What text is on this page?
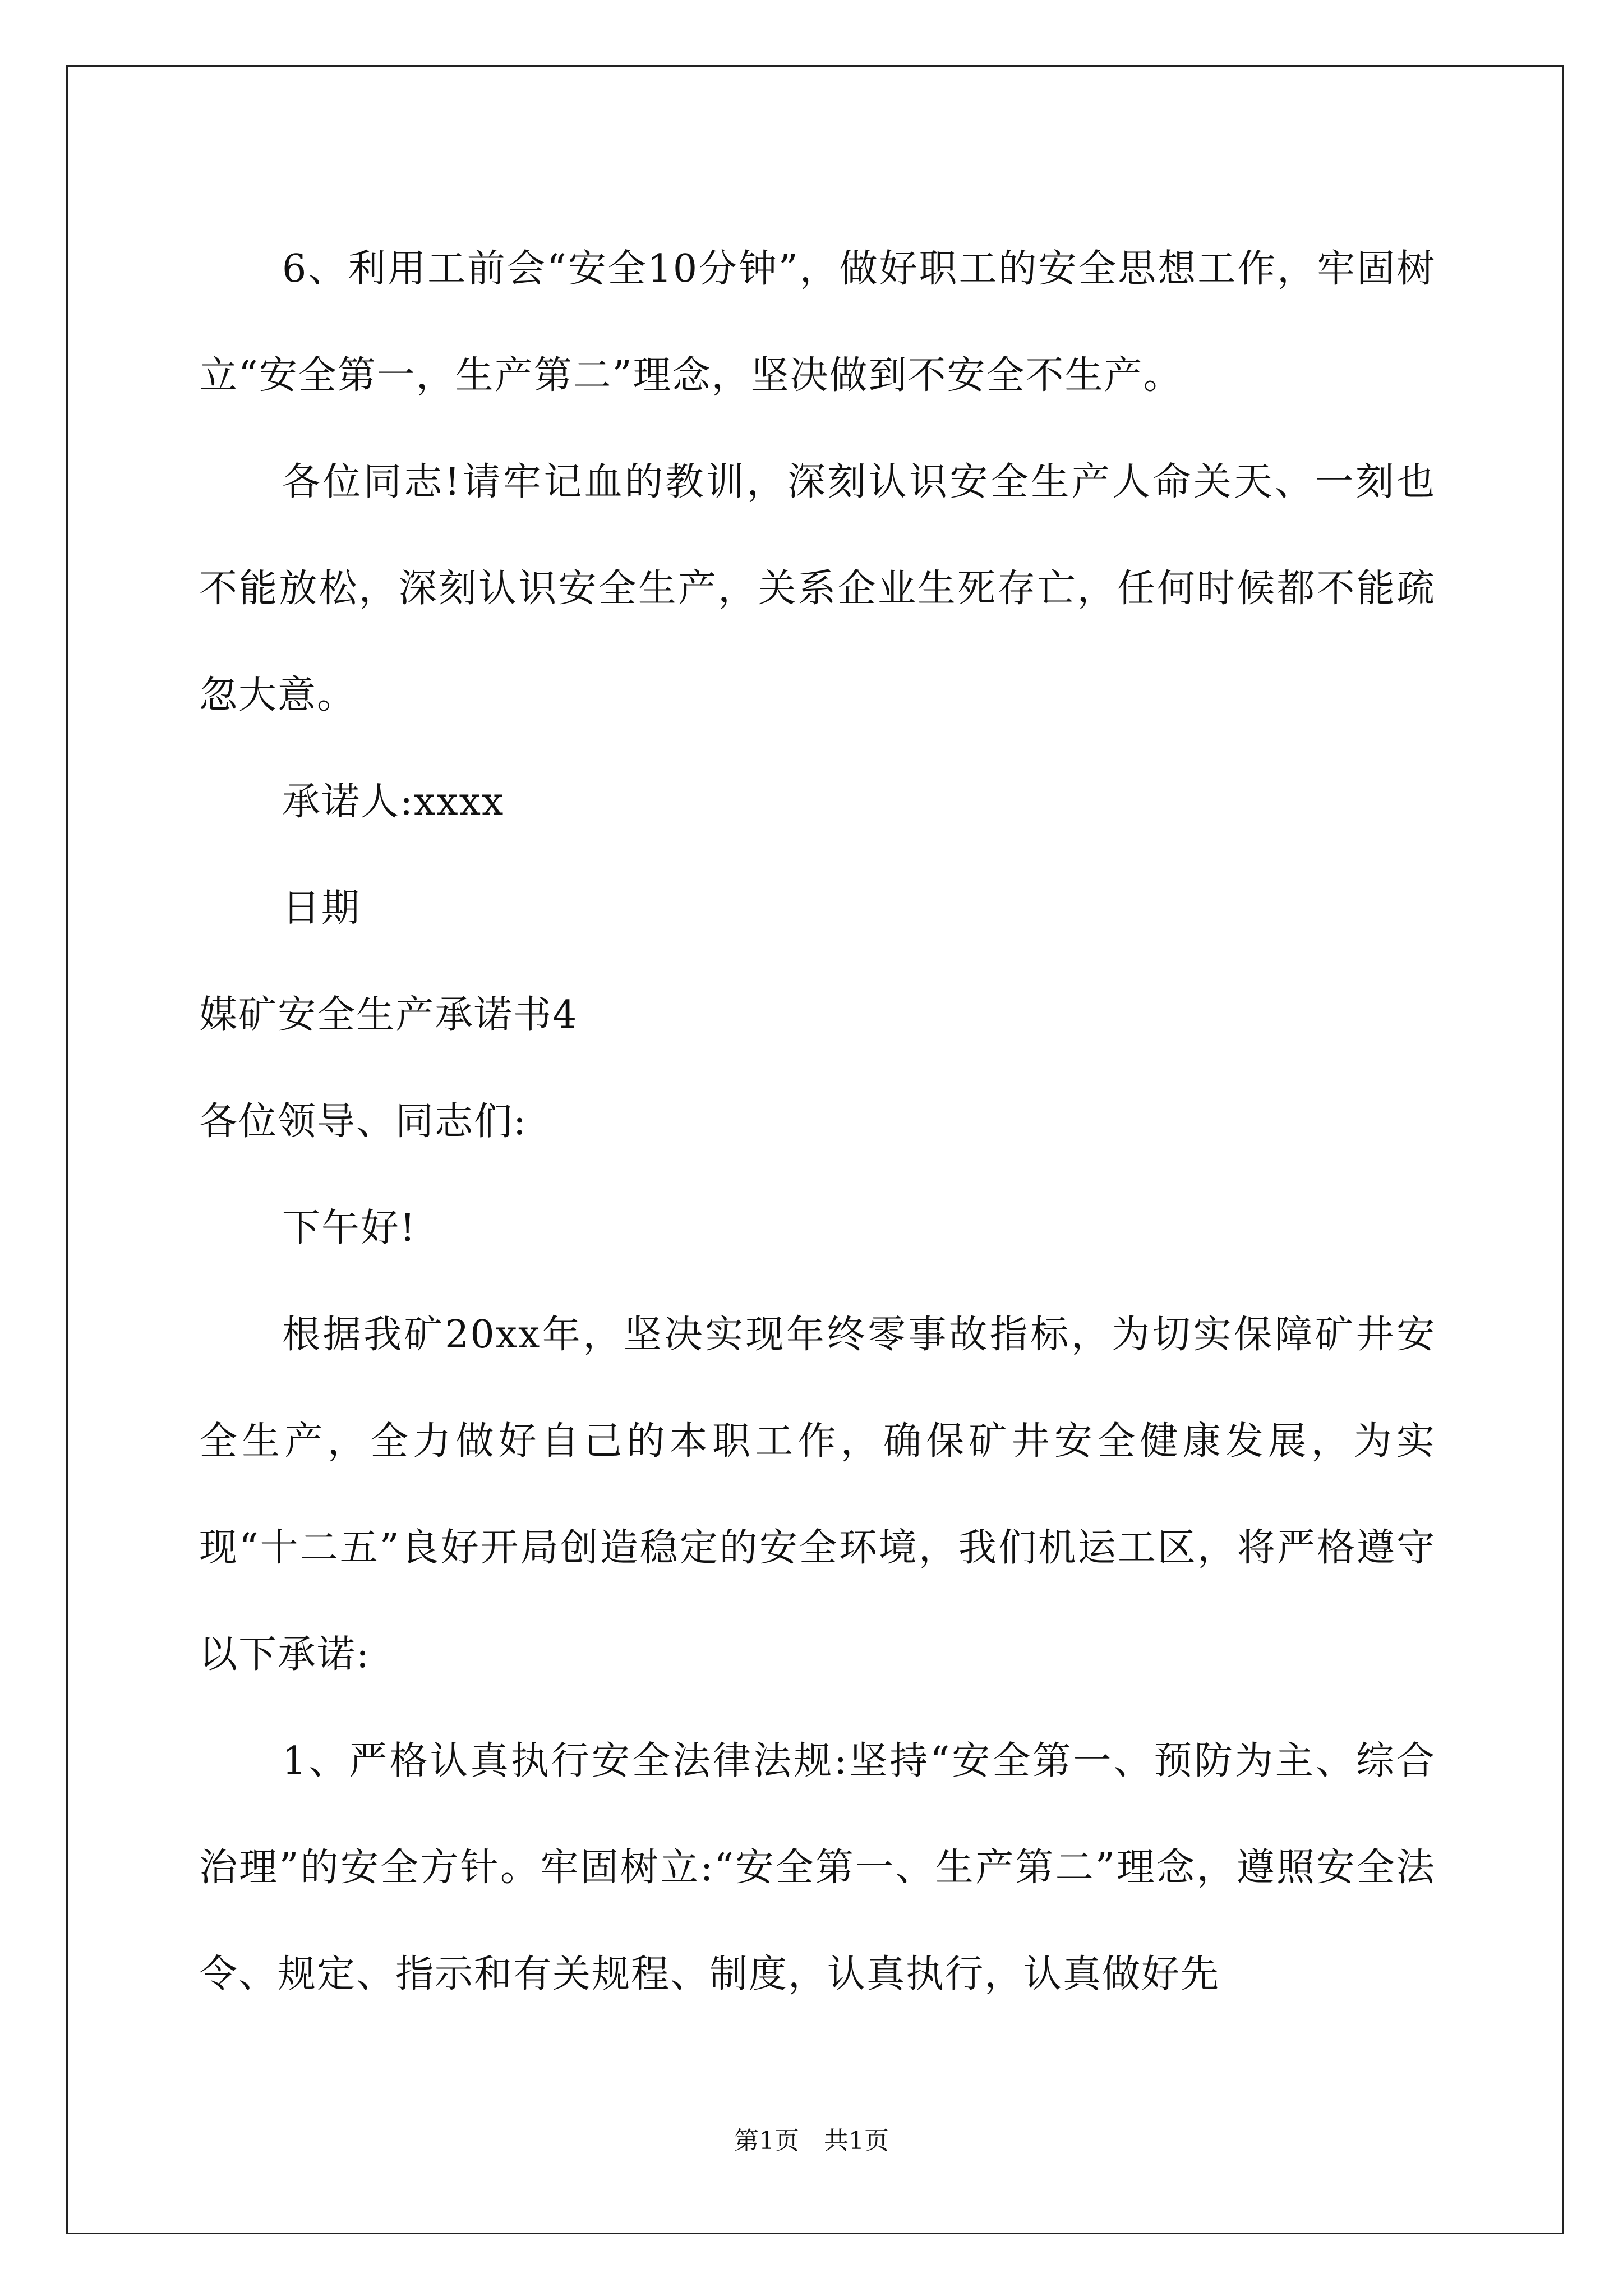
6、利用工前会“安全10分钟”，做好职工的安全思想工作，牢固树立“安全第一，生产第二”理念，坚决做到不安全不生产。

各位同志!请牢记血的教训，深刻认识安全生产人命关天、一刻也不能放松，深刻认识安全生产，关系企业生死存亡，任何时候都不能疏忽大意。

承诺人:xxxx

日期

媒矿安全生产承诺书4

各位领导、同志们:

下午好!

根据我矿20xx年，坚决实现年终零事故指标，为切实保障矿井安全生产，全力做好自己的本职工作，确保矿井安全健康发展，为实现“十二五”良好开局创造稳定的安全环境，我们机运工区，将严格遵守以下承诺:

1、严格认真执行安全法律法规:坚持“安全第一、预防为主、综合治理”的安全方针。牢固树立:“安全第一、生产第二”理念，遵照安全法令、规定、指示和有关规程、制度，认真执行，认真做好先

第1页　共1页
